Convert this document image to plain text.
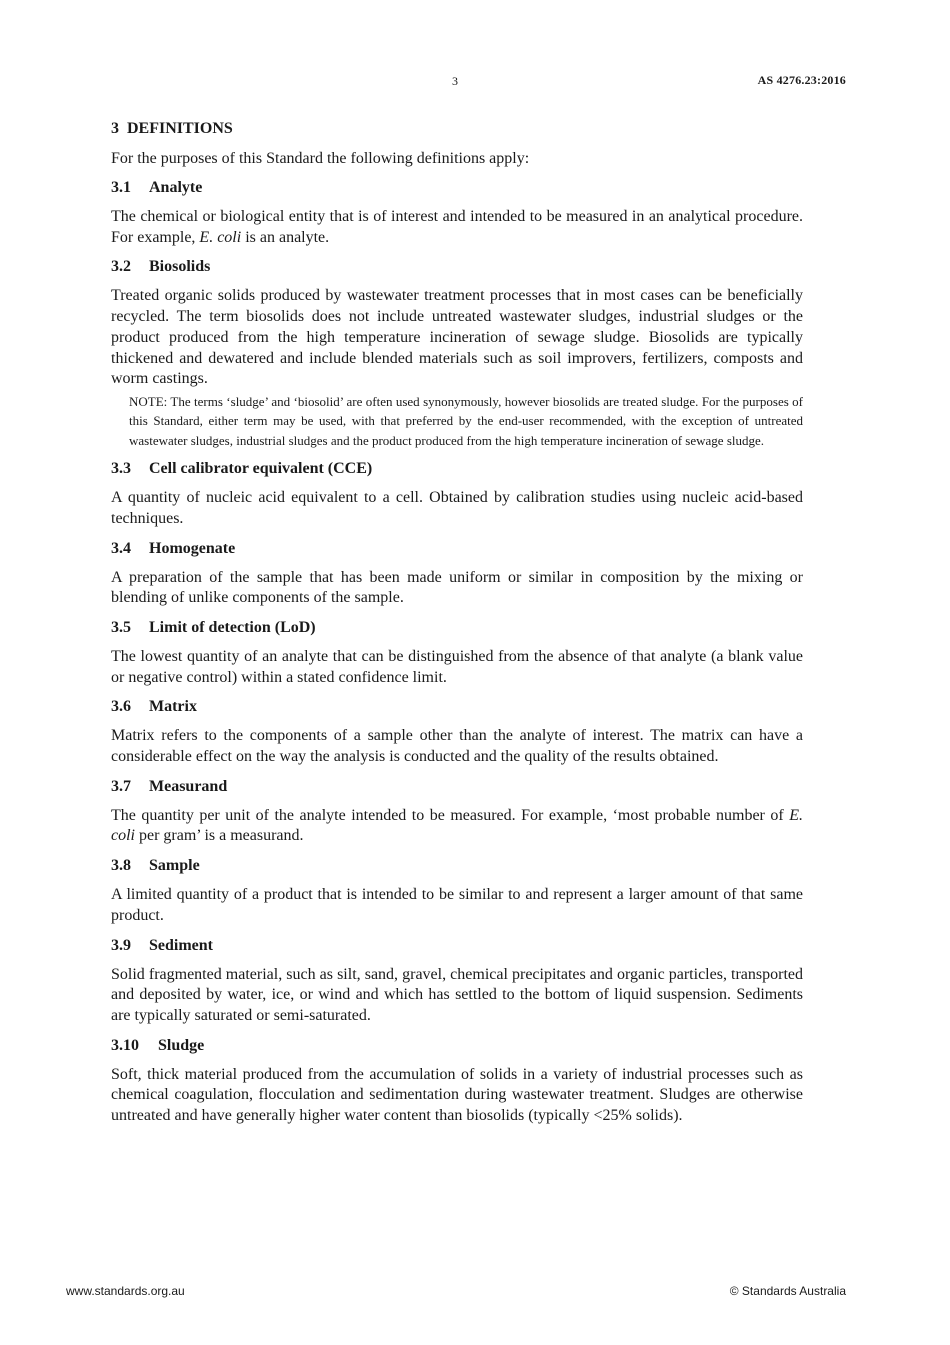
3	AS 4276.23:2016
3 DEFINITIONS

For the purposes of this Standard the following definitions apply:

3.1 Analyte

The chemical or biological entity that is of interest and intended to be measured in an analytical procedure. For example, E. coli is an analyte.

3.2 Biosolids

Treated organic solids produced by wastewater treatment processes that in most cases can be beneficially recycled. The term biosolids does not include untreated wastewater sludges, industrial sludges or the product produced from the high temperature incineration of sewage sludge. Biosolids are typically thickened and dewatered and include blended materials such as soil improvers, fertilizers, composts and worm castings.

NOTE: The terms ‘sludge’ and ‘biosolid’ are often used synonymously, however biosolids are treated sludge. For the purposes of this Standard, either term may be used, with that preferred by the end-user recommended, with the exception of untreated wastewater sludges, industrial sludges and the product produced from the high temperature incineration of sewage sludge.

3.3 Cell calibrator equivalent (CCE)

A quantity of nucleic acid equivalent to a cell. Obtained by calibration studies using nucleic acid-based techniques.

3.4 Homogenate

A preparation of the sample that has been made uniform or similar in composition by the mixing or blending of unlike components of the sample.

3.5 Limit of detection (LoD)

The lowest quantity of an analyte that can be distinguished from the absence of that analyte (a blank value or negative control) within a stated confidence limit.

3.6 Matrix

Matrix refers to the components of a sample other than the analyte of interest. The matrix can have a considerable effect on the way the analysis is conducted and the quality of the results obtained.

3.7 Measurand

The quantity per unit of the analyte intended to be measured. For example, ‘most probable number of E. coli per gram’ is a measurand.

3.8 Sample

A limited quantity of a product that is intended to be similar to and represent a larger amount of that same product.

3.9 Sediment

Solid fragmented material, such as silt, sand, gravel, chemical precipitates and organic particles, transported and deposited by water, ice, or wind and which has settled to the bottom of liquid suspension. Sediments are typically saturated or semi-saturated.

3.10 Sludge

Soft, thick material produced from the accumulation of solids in a variety of industrial processes such as chemical coagulation, flocculation and sedimentation during wastewater treatment. Sludges are otherwise untreated and have generally higher water content than biosolids (typically <25% solids).

www.standards.org.au	© Standards Australia
